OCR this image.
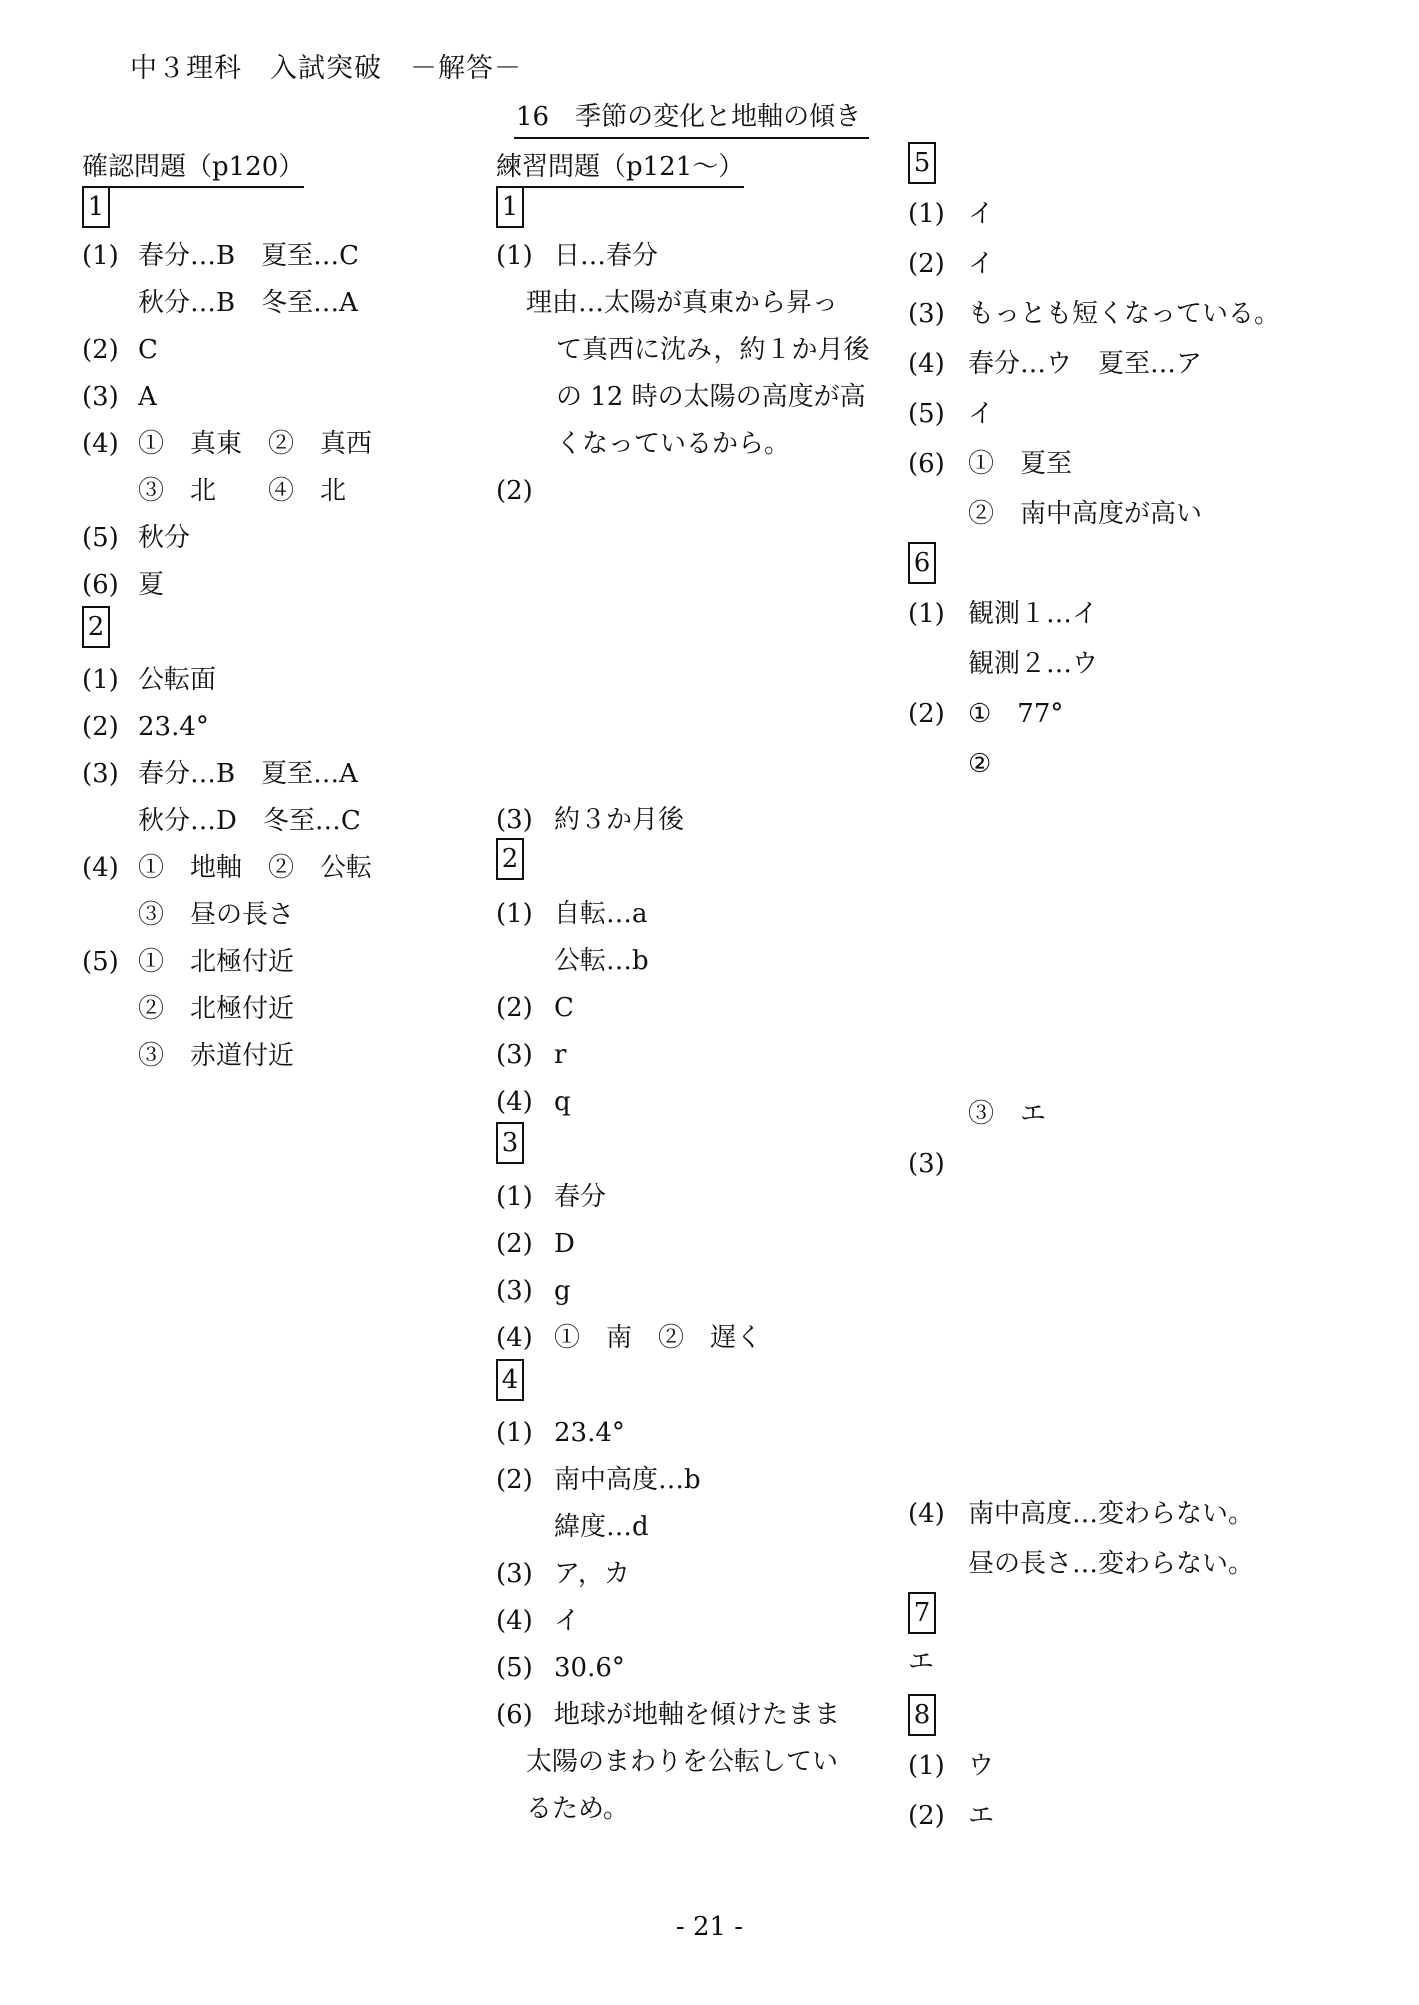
中３理科　入試突破　－解答－
16　季節の変化と地軸の傾き
確認問題（p120）	練習問題（p121～）
1
2
1
2
3
4
5
6
7
8
(1) 春分…B　夏至…C
秋分…B　冬至…A
(2) C
(3) A
(4) ①　真東　②　真西
③　北　　④　北
(5) 秋分
(6) 夏
(1) 公転面
(2) 23.4°
(3) 春分…B　夏至…A
秋分…D　冬至…C
(4) ①　地軸　②　公転
③　昼の長さ
(5) ①　北極付近
②　北極付近
③　赤道付近
(1) 日…春分
理由…太陽が真東から昇っ
て真西に沈み，約１か月後
の 12 時の太陽の高度が高
くなっているから。
(2)
(3) 約３か月後
(1) 自転…a
公転…b
(2) C
(3) r
(4) q
(1) 春分
(2) D
(3) g
(4) ①　南　②　遅く
(1) 23.4°
(2) 南中高度…b
緯度…d
(3) ア，カ
(4) イ
(5) 30.6°
(6) 地球が地軸を傾けたまま
太陽のまわりを公転してい
るため。
(1) イ
(2) イ
(3) もっとも短くなっている。
(4) 春分…ウ　夏至…ア
(5) イ
(6) ①　夏至
②　南中高度が高い
(1) 観測１…イ
観測２…ウ
(2) ①　77°
②
③　エ
(3)
(4) 南中高度…変わらない。
昼の長さ…変わらない。
エ
(1) ウ
(2) エ
- 21 -
